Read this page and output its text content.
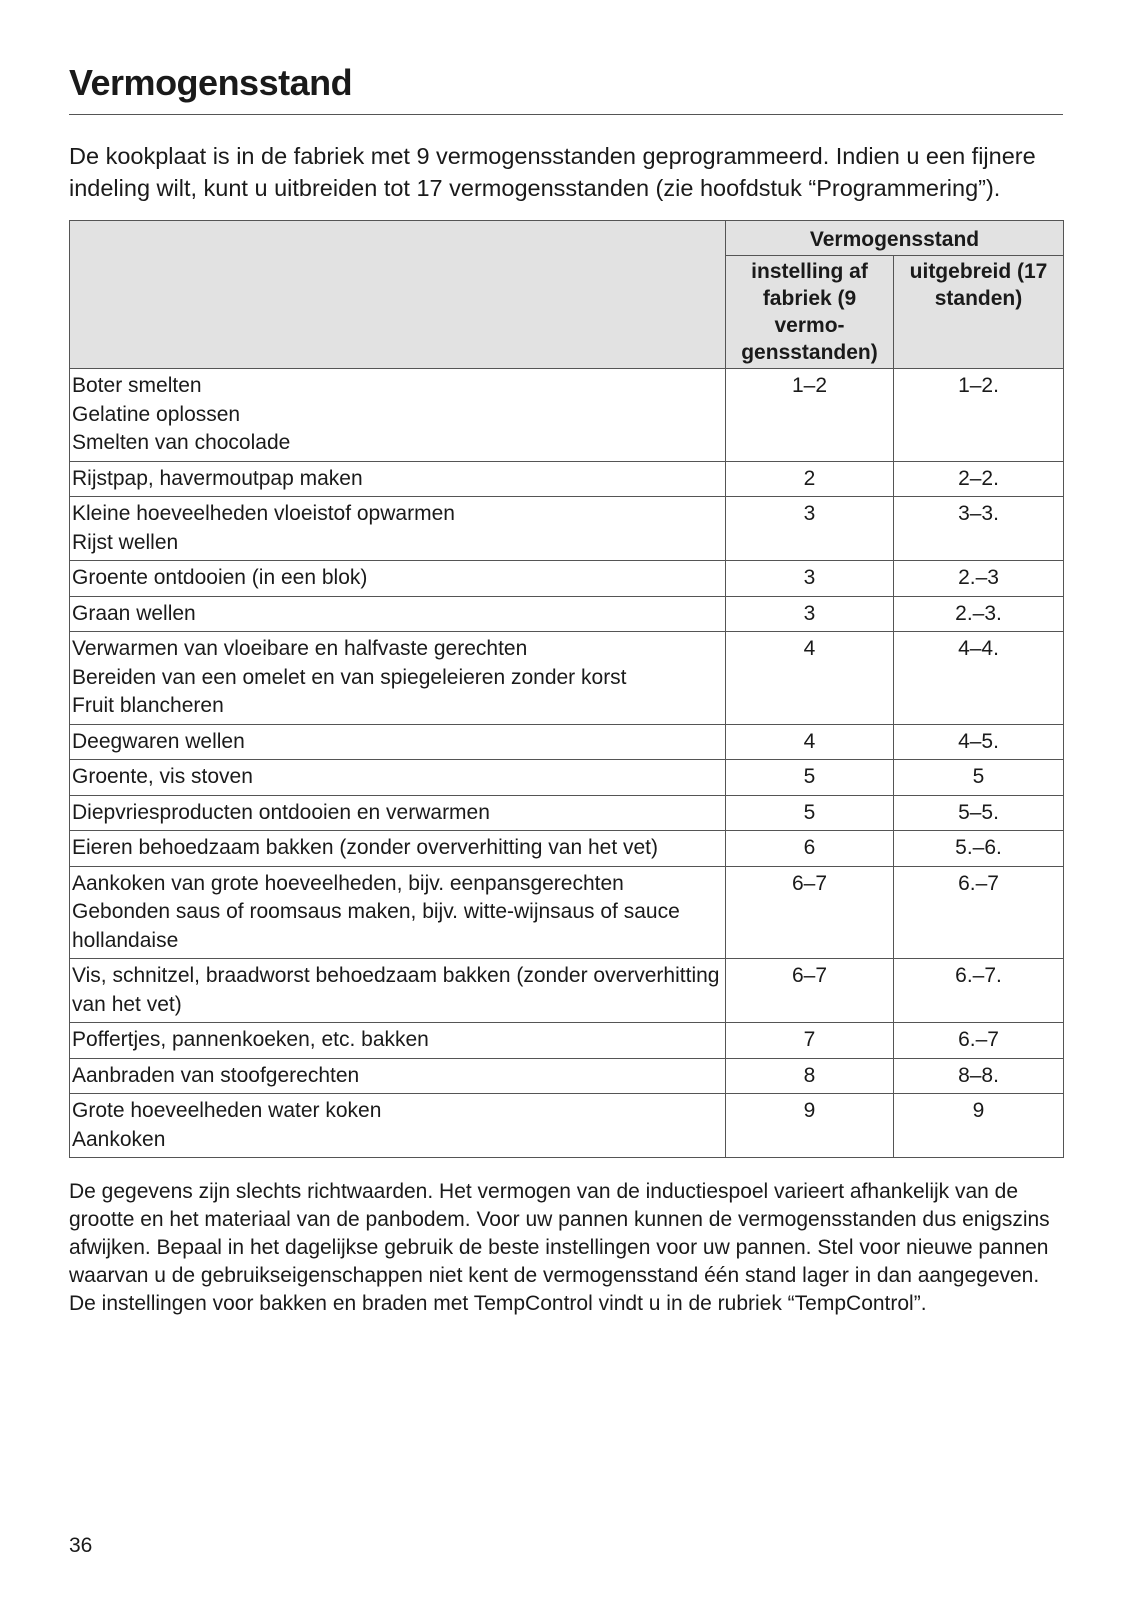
Vermogensstand

De kookplaat is in de fabriek met 9 vermogensstanden geprogrammeerd. Indien u een fijnere indeling wilt, kunt u uitbreiden tot 17 vermogensstanden (zie hoofdstuk “Programmering”).

	Vermogensstand	
	instelling af fabriek (9 vermo- gensstanden)	uitgebreid (17 standen)

Boter smelten
Gelatine oplossen
Smelten van chocolade	1–2	1–2.

Rijstpap, havermoutpap maken	2	2–2.

Kleine hoeveelheden vloeistof opwarmen
Rijst wellen	3	3–3.

Groente ontdooien (in een blok)	3	2.–3

Graan wellen	3	2.–3.

Verwarmen van vloeibare en halfvaste gerechten
Bereiden van een omelet en van spiegeleieren zonder korst
Fruit blancheren	4	4–4.

Deegwaren wellen	4	4–5.

Groente, vis stoven	5	5

Diepvriesproducten ontdooien en verwarmen	5	5–5.

Eieren behoedzaam bakken (zonder oververhitting van het vet)	6	5.–6.

Aankoken van grote hoeveelheden, bijv. eenpansgerechten
Gebonden saus of roomsaus maken, bijv. witte-wijnsaus of sauce hollandaise	6–7	6.–7

Vis, schnitzel, braadworst behoedzaam bakken (zonder oververhitting van het vet)	6–7	6.–7.

Poffertjes, pannenkoeken, etc. bakken	7	6.–7

Aanbraden van stoofgerechten	8	8–8.

Grote hoeveelheden water koken
Aankoken	9	9

De gegevens zijn slechts richtwaarden. Het vermogen van de inductiespoel varieert afhankelijk van de grootte en het materiaal van de panbodem. Voor uw pannen kunnen de vermogensstanden dus enigszins afwijken. Bepaal in het dagelijkse gebruik de beste instellingen voor uw pannen. Stel voor nieuwe pannen waarvan u de gebruikseigenschappen niet kent de vermogensstand één stand lager in dan aangegeven. De instellingen voor bakken en braden met TempControl vindt u in de rubriek “TempControl”.

36
